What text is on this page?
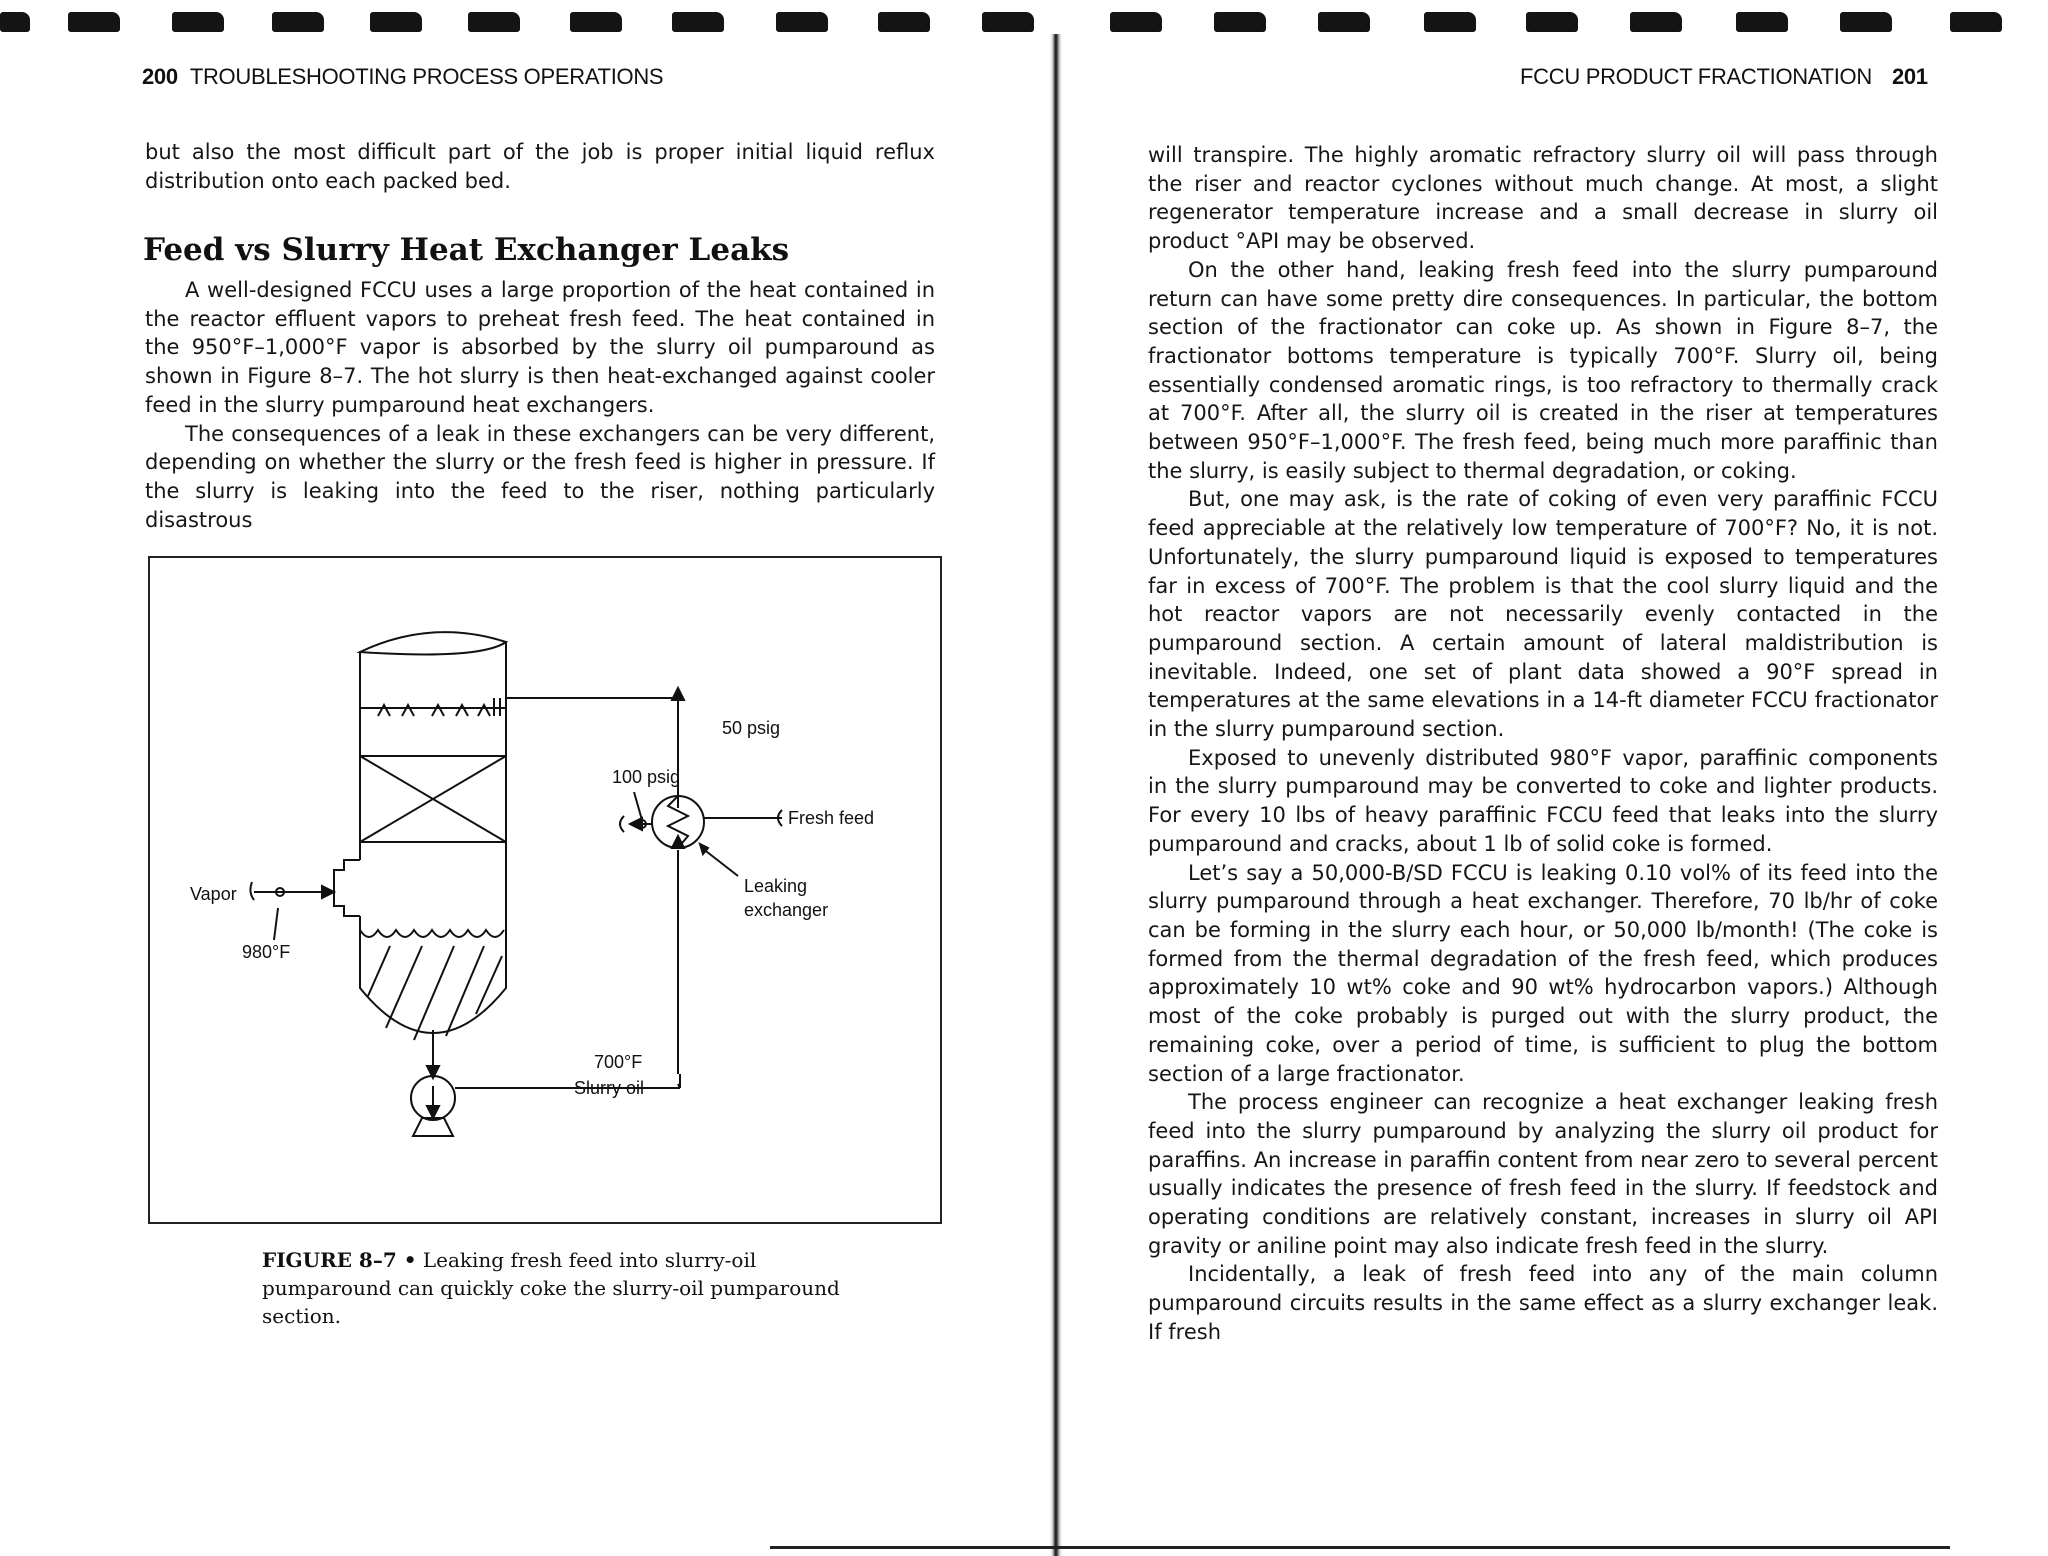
200 TROUBLESHOOTING PROCESS OPERATIONS	FCCU PRODUCT FRACTIONATION 201

but also the most difficult part of the job is proper initial liquid reflux distribution onto each packed bed.

Feed vs Slurry Heat Exchanger Leaks

A well-designed FCCU uses a large proportion of the heat contained in the reactor effluent vapors to preheat fresh feed. The heat contained in the 950°F–1,000°F vapor is absorbed by the slurry oil pumparound as shown in Figure 8–7. The hot slurry is then heat-exchanged against cooler feed in the slurry pumparound heat exchangers.

The consequences of a leak in these exchangers can be very different, depending on whether the slurry or the fresh feed is higher in pressure. If the slurry is leaking into the feed to the riser, nothing particularly disastrous

50 psig
100 psig
Fresh feed
Vapor
980°F
Leaking
exchanger
700°F
Slurry oil

FIGURE 8–7 • Leaking fresh feed into slurry-oil pumparound can quickly coke the slurry-oil pumparound section.

will transpire. The highly aromatic refractory slurry oil will pass through the riser and reactor cyclones without much change. At most, a slight regenerator temperature increase and a small decrease in slurry oil product °API may be observed.

On the other hand, leaking fresh feed into the slurry pumparound return can have some pretty dire consequences. In particular, the bottom section of the fractionator can coke up. As shown in Figure 8–7, the fractionator bottoms temperature is typically 700°F. Slurry oil, being essentially condensed aromatic rings, is too refractory to thermally crack at 700°F. After all, the slurry oil is created in the riser at temperatures between 950°F–1,000°F. The fresh feed, being much more paraffinic than the slurry, is easily subject to thermal degradation, or coking.

But, one may ask, is the rate of coking of even very paraffinic FCCU feed appreciable at the relatively low temperature of 700°F? No, it is not. Unfortunately, the slurry pumparound liquid is exposed to temperatures far in excess of 700°F. The problem is that the cool slurry liquid and the hot reactor vapors are not necessarily evenly contacted in the pumparound section. A certain amount of lateral maldistribution is inevitable. Indeed, one set of plant data showed a 90°F spread in temperatures at the same elevations in a 14-ft diameter FCCU fractionator in the slurry pumparound section.

Exposed to unevenly distributed 980°F vapor, paraffinic components in the slurry pumparound may be converted to coke and lighter products. For every 10 lbs of heavy paraffinic FCCU feed that leaks into the slurry pumparound and cracks, about 1 lb of solid coke is formed.

Let’s say a 50,000-B/SD FCCU is leaking 0.10 vol% of its feed into the slurry pumparound through a heat exchanger. Therefore, 70 lb/hr of coke can be forming in the slurry each hour, or 50,000 lb/month! (The coke is formed from the thermal degradation of the fresh feed, which produces approximately 10 wt% coke and 90 wt% hydrocarbon vapors.) Although most of the coke probably is purged out with the slurry product, the remaining coke, over a period of time, is sufficient to plug the bottom section of a large fractionator.

The process engineer can recognize a heat exchanger leaking fresh feed into the slurry pumparound by analyzing the slurry oil product for paraffins. An increase in paraffin content from near zero to several percent usually indicates the presence of fresh feed in the slurry. If feedstock and operating conditions are relatively constant, increases in slurry oil API gravity or aniline point may also indicate fresh feed in the slurry.

Incidentally, a leak of fresh feed into any of the main column pumparound circuits results in the same effect as a slurry exchanger leak. If fresh
